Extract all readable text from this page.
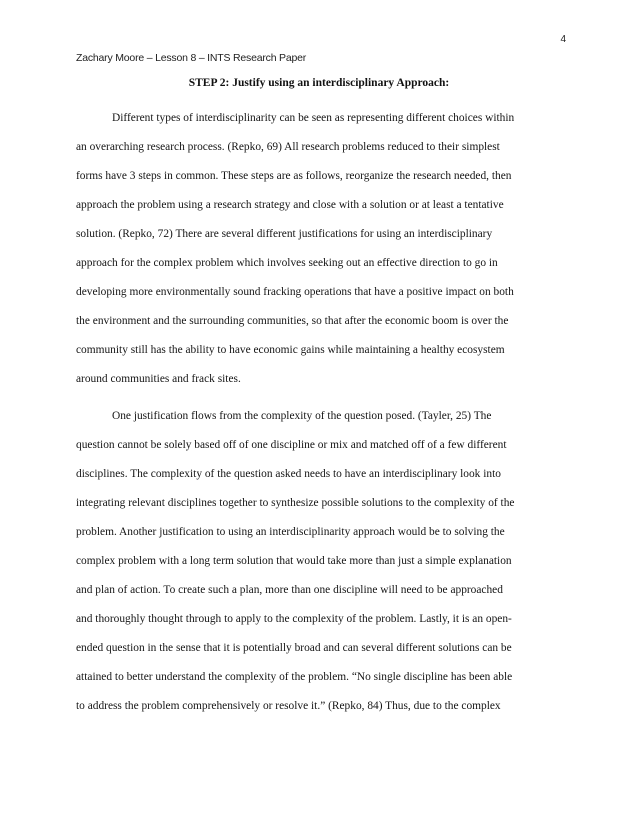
4
Zachary Moore – Lesson 8 – INTS Research Paper
STEP 2: Justify using an interdisciplinary Approach:

Different types of interdisciplinarity can be seen as representing different choices within
an overarching research process. (Repko, 69) All research problems reduced to their simplest
forms have 3 steps in common. These steps are as follows, reorganize the research needed, then
approach the problem using a research strategy and close with a solution or at least a tentative
solution. (Repko, 72) There are several different justifications for using an interdisciplinary
approach for the complex problem which involves seeking out an effective direction to go in
developing more environmentally sound fracking operations that have a positive impact on both
the environment and the surrounding communities, so that after the economic boom is over the
community still has the ability to have economic gains while maintaining a healthy ecosystem
around communities and frack sites.

One justification flows from the complexity of the question posed. (Tayler, 25) The
question cannot be solely based off of one discipline or mix and matched off of a few different
disciplines. The complexity of the question asked needs to have an interdisciplinary look into
integrating relevant disciplines together to synthesize possible solutions to the complexity of the
problem. Another justification to using an interdisciplinarity approach would be to solving the
complex problem with a long term solution that would take more than just a simple explanation
and plan of action. To create such a plan, more than one discipline will need to be approached
and thoroughly thought through to apply to the complexity of the problem. Lastly, it is an open-
ended question in the sense that it is potentially broad and can several different solutions can be
attained to better understand the complexity of the problem. “No single discipline has been able
to address the problem comprehensively or resolve it.” (Repko, 84) Thus, due to the complex
